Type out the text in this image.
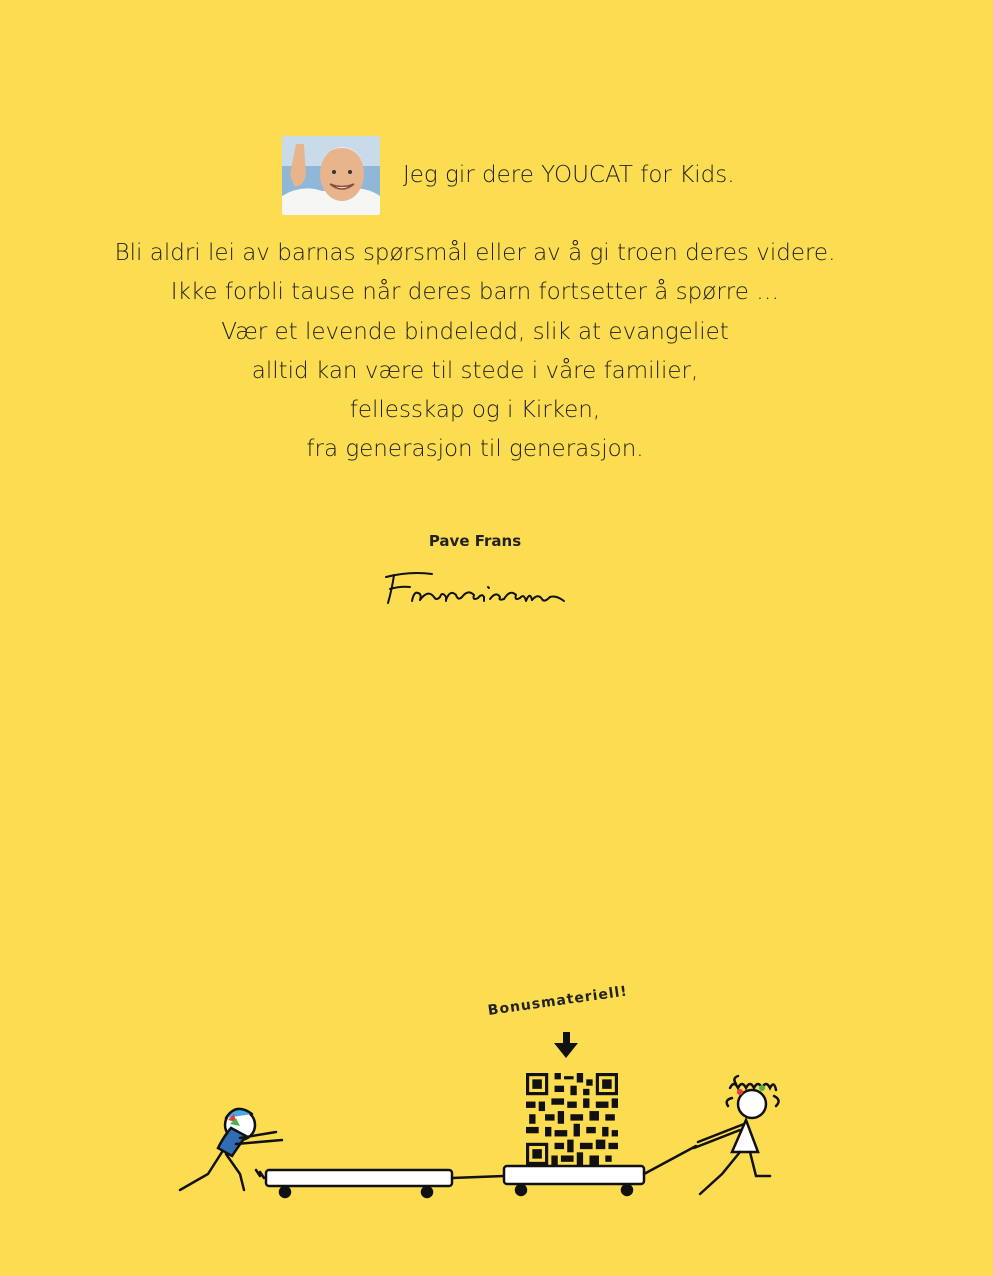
Jeg gir dere YOUCAT for Kids.
Bli aldri lei av barnas spørsmål eller av å gi troen deres videre.
Ikke forbli tause når deres barn fortsetter å spørre …
Vær et levende bindeledd, slik at evangeliet
alltid kan være til stede i våre familier,
fellesskap og i Kirken,
fra generasjon til generasjon.
Pave Frans
Bonusmateriell!
